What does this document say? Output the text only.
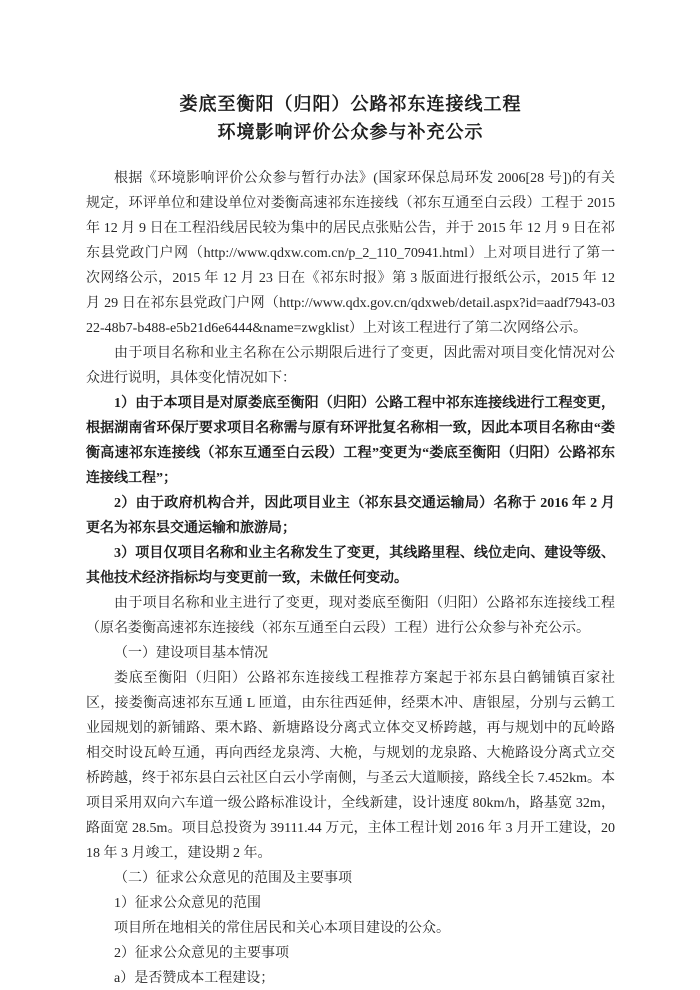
娄底至衡阳（归阳）公路祁东连接线工程
环境影响评价公众参与补充公示

根据《环境影响评价公众参与暂行办法》(国家环保总局环发 2006[28 号])的有关规定，环评单位和建设单位对娄衡高速祁东连接线（祁东互通至白云段）工程于 2015 年 12 月 9 日在工程沿线居民较为集中的居民点张贴公告，并于 2015 年 12 月 9 日在祁东县党政门户网（http://www.qdxw.com.cn/p_2_110_70941.html）上对项目进行了第一次网络公示，2015 年 12 月 23 日在《祁东时报》第 3 版面进行报纸公示，2015 年 12 月 29 日在祁东县党政门户网（http://www.qdx.gov.cn/qdxweb/detail.aspx?id=aadf7943-0322-48b7-b488-e5b21d6e6444&name=zwgklist）上对该工程进行了第二次网络公示。

由于项目名称和业主名称在公示期限后进行了变更，因此需对项目变化情况对公众进行说明，具体变化情况如下：

1）由于本项目是对原娄底至衡阳（归阳）公路工程中祁东连接线进行工程变更，根据湖南省环保厅要求项目名称需与原有环评批复名称相一致，因此本项目名称由“娄衡高速祁东连接线（祁东互通至白云段）工程”变更为“娄底至衡阳（归阳）公路祁东连接线工程”；

2）由于政府机构合并，因此项目业主（祁东县交通运输局）名称于 2016 年 2 月更名为祁东县交通运输和旅游局；

3）项目仅项目名称和业主名称发生了变更，其线路里程、线位走向、建设等级、其他技术经济指标均与变更前一致，未做任何变动。

由于项目名称和业主进行了变更，现对娄底至衡阳（归阳）公路祁东连接线工程（原名娄衡高速祁东连接线（祁东互通至白云段）工程）进行公众参与补充公示。

（一）建设项目基本情况

娄底至衡阳（归阳）公路祁东连接线工程推荐方案起于祁东县白鹤铺镇百家社区，接娄衡高速祁东互通 L 匝道，由东往西延伸，经栗木冲、唐银屋，分别与云鹤工业园规划的新铺路、栗木路、新塘路设分离式立体交叉桥跨越，再与规划中的瓦岭路相交时设瓦岭互通，再向西经龙泉湾、大桅，与规划的龙泉路、大桅路设分离式立交桥跨越，终于祁东县白云社区白云小学南侧，与圣云大道顺接，路线全长 7.452km。本项目采用双向六车道一级公路标准设计，全线新建，设计速度 80km/h，路基宽 32m，路面宽 28.5m。项目总投资为 39111.44 万元，主体工程计划 2016 年 3 月开工建设，2018 年 3 月竣工，建设期 2 年。

（二）征求公众意见的范围及主要事项

1）征求公众意见的范围

项目所在地相关的常住居民和关心本项目建设的公众。

2）征求公众意见的主要事项

a）是否赞成本工程建设；
